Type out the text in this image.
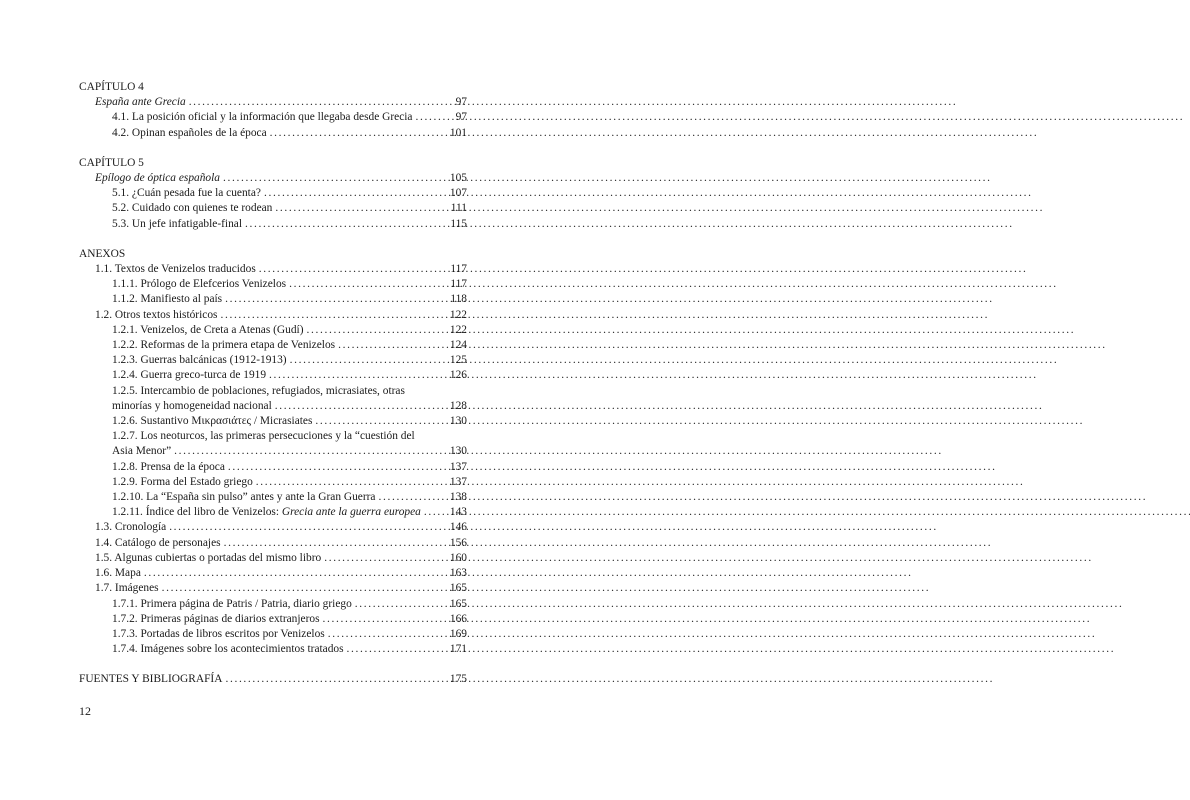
CAPÍTULO 4
España ante Grecia . . .	97
4.1. La posición oficial y la información que llegaba desde Grecia . . .	97
4.2. Opinan españoles de la época . . .	101
CAPÍTULO 5
Epílogo de óptica española . . .	105
5.1. ¿Cuán pesada fue la cuenta? . . .	107
5.2. Cuidado con quienes te rodean . . .	111
5.3. Un jefe infatigable-final . . .	115
ANEXOS
1.1. Textos de Venizelos traducidos . . .	117
1.1.1. Prólogo de Elefcerios Venizelos . . .	117
1.1.2. Manifiesto al país . . .	118
1.2. Otros textos históricos . . .	122
1.2.1. Venizelos, de Creta a Atenas (Gudí) . . .	122
1.2.2. Reformas de la primera etapa de Venizelos . . .	124
1.2.3. Guerras balcánicas (1912-1913) . . .	125
1.2.4. Guerra greco-turca de 1919 . . .	126
1.2.5. Intercambio de poblaciones, refugiados, micrasiates, otras
minorías y homogeneidad nacional . . .	128
1.2.6. Sustantivo Μικρασιάτες / Micrasiates . . .	130
1.2.7. Los neoturcos, las primeras persecuciones y la “cuestión del
Asia Menor” . . .	130
1.2.8. Prensa de la época . . .	137
1.2.9. Forma del Estado griego . . .	137
1.2.10. La “España sin pulso” antes y ante la Gran Guerra . . .	138
1.2.11. Índice del libro de Venizelos: Grecia ante la guerra europea . . .	143
1.3. Cronología . . .	146
1.4. Catálogo de personajes . . .	156
1.5. Algunas cubiertas o portadas del mismo libro . . .	160
1.6. Mapa . . .	163
1.7. Imágenes . . .	165
1.7.1. Primera página de Patris / Patria, diario griego . . .	165
1.7.2. Primeras páginas de diarios extranjeros . . .	166
1.7.3. Portadas de libros escritos por Venizelos . . .	169
1.7.4. Imágenes sobre los acontecimientos tratados . . .	171
FUENTES Y BIBLIOGRAFÍA . . .	175
12
